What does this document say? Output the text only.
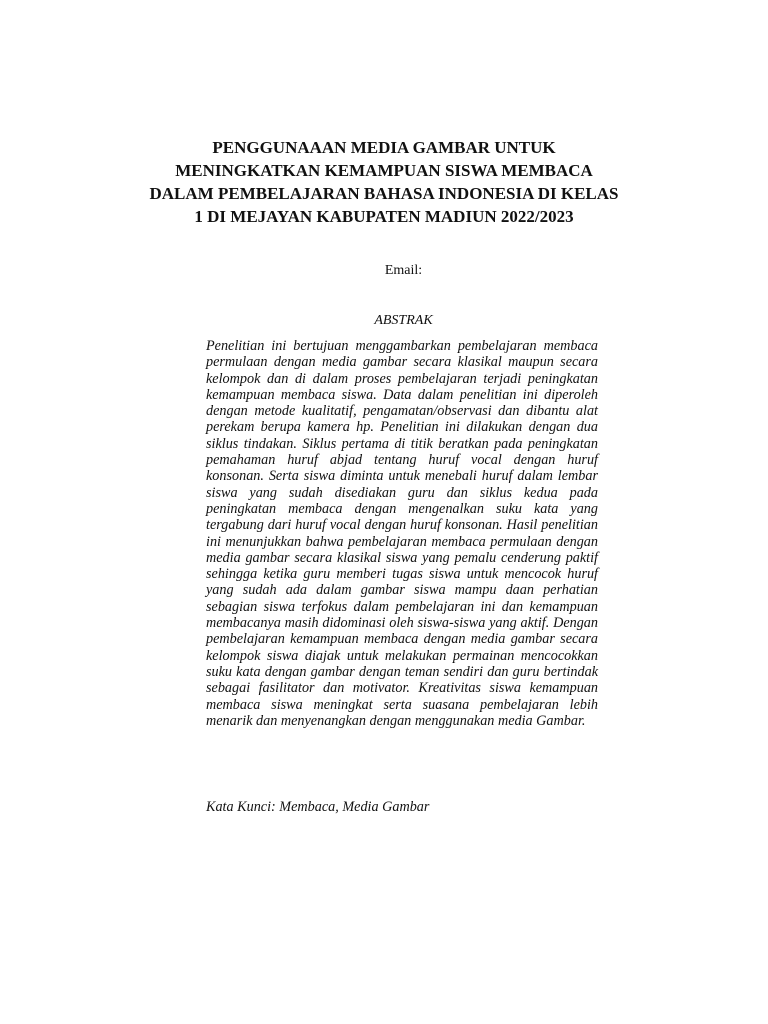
PENGGUNAAAN MEDIA GAMBAR UNTUK
MENINGKATKAN KEMAMPUAN SISWA MEMBACA
DALAM PEMBELAJARAN BAHASA INDONESIA DI KELAS
1 DI MEJAYAN KABUPATEN MADIUN 2022/2023

Email:

ABSTRAK

Penelitian ini bertujuan menggambarkan pembelajaran membaca permulaan dengan media gambar secara klasikal maupun secara kelompok dan di dalam proses pembelajaran terjadi peningkatan kemampuan membaca siswa. Data dalam penelitian ini diperoleh dengan metode kualitatif, pengamatan/observasi dan dibantu alat perekam berupa kamera hp. Penelitian ini dilakukan dengan dua siklus tindakan. Siklus pertama di titik beratkan pada peningkatan pemahaman huruf abjad tentang huruf vocal dengan huruf konsonan. Serta siswa diminta untuk menebali huruf dalam lembar siswa yang sudah disediakan guru dan siklus kedua pada peningkatan membaca dengan mengenalkan suku kata yang tergabung dari huruf vocal dengan huruf konsonan. Hasil penelitian ini menunjukkan bahwa pembelajaran membaca permulaan dengan media gambar secara klasikal siswa yang pemalu cenderung paktif sehingga ketika guru memberi tugas siswa untuk mencocok huruf yang sudah ada dalam gambar siswa mampu daan perhatian sebagian siswa terfokus dalam pembelajaran ini dan kemampuan membacanya masih didominasi oleh siswa-siswa yang aktif. Dengan pembelajaran kemampuan membaca dengan media gambar secara kelompok siswa diajak untuk melakukan permainan mencocokkan suku kata dengan gambar dengan teman sendiri dan guru bertindak sebagai fasilitator dan motivator. Kreativitas siswa kemampuan membaca siswa meningkat serta suasana pembelajaran lebih menarik dan menyenangkan dengan menggunakan media Gambar.

Kata Kunci: Membaca, Media Gambar
